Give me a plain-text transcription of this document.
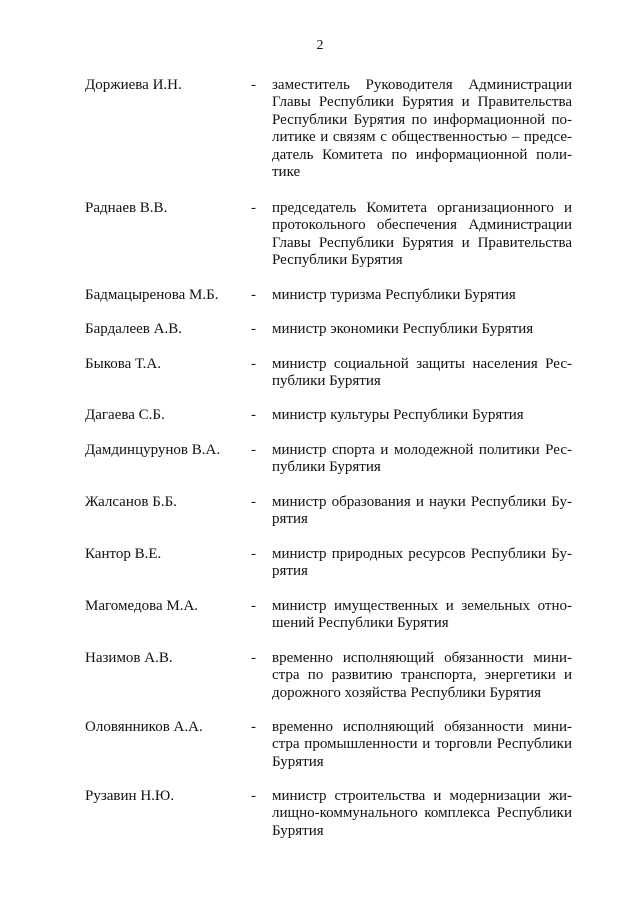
2
Доржиева И.Н.	- заместитель Руководителя Администрации
Главы Республики Бурятия и Правительства
Республики Бурятия по информационной по-
литике и связям с общественностью – предсе-
датель Комитета по информационной поли-
тике
Раднаев В.В.	- председатель Комитета организационного и
протокольного обеспечения Администрации
Главы Республики Бурятия и Правительства
Республики Бурятия
Бадмацыренова М.Б. - министр туризма Республики Бурятия
Бардалеев А.В.	- министр экономики Республики Бурятия
Быкова Т.А.	- министр социальной защиты населения Рес-
публики Бурятия
Дагаева С.Б.	- министр культуры Республики Бурятия
Дамдинцурунов В.А. - министр спорта и молодежной политики Рес-
публики Бурятия
Жалсанов Б.Б.	- министр образования и науки Республики Бу-
рятия
Кантор В.Е.	- министр природных ресурсов Республики Бу-
рятия
Магомедова М.А.	- министр имущественных и земельных отно-
шений Республики Бурятия
Назимов А.В.	- временно исполняющий обязанности мини-
стра по развитию транспорта, энергетики и
дорожного хозяйства Республики Бурятия
Оловянников А.А.	- временно исполняющий обязанности мини-
стра промышленности и торговли Республики
Бурятия
Рузавин Н.Ю.	- министр строительства и модернизации жи-
лищно-коммунального комплекса Республики
Бурятия
